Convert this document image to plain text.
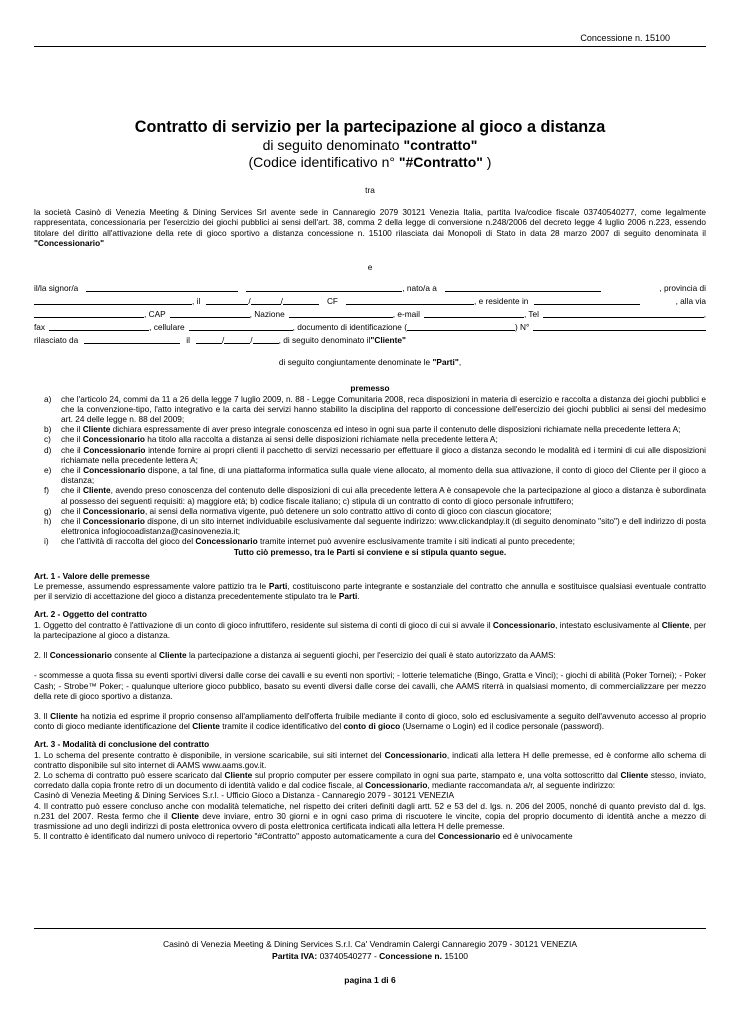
Concessione n. 15100

Contratto di servizio per la partecipazione al gioco a distanza

di seguito denominato "contratto"

(Codice identificativo n° "#Contratto" )

tra

la società Casinò di Venezia Meeting & Dining Services Srl avente sede in Cannaregio 2079 30121 Venezia Italia, partita Iva/codice fiscale 03740540277, come legalmente rappresentata, concessionaria per l'esercizio dei giochi pubblici ai sensi dell'art. 38, comma 2 della legge di conversione n.248/2006 del decreto legge 4 luglio 2006 n.223, essendo titolare del diritto all'attivazione della rete di gioco sportivo a distanza concessione n. 15100 rilasciata dai Monopoli di Stato in data 28 marzo 2007 di seguito denominata il "Concessionario"

e

il/la signor/a	, nato/a a	, provincia di
, il	/	/	CF	, e residente in	, alla via
, CAP	, Nazione	, e-mail	, Tel	,
fax	, cellulare	, documento di identificazione (	) N°
rilasciato da	il	/	/	, di seguito denominato il "Cliente"

di seguito congiuntamente denominate le "Parti",

premesso

a)	che l'articolo 24, commi da 11 a 26 della legge 7 luglio 2009, n. 88 - Legge Comunitaria 2008, reca disposizioni in materia di esercizio e raccolta a distanza dei giochi pubblici e che la convenzione-tipo, l'atto integrativo e la carta dei servizi hanno stabilito la disciplina del rapporto di concessione dell'esercizio dei giochi pubblici ai sensi del medesimo art. 24 delle legge n. 88 del 2009;
b)	che il Cliente dichiara espressamente di aver preso integrale conoscenza ed inteso in ogni sua parte il contenuto delle disposizioni richiamate nella precedente lettera A;
c)	che il Concessionario ha titolo alla raccolta a distanza ai sensi delle disposizioni richiamate nella precedente lettera A;
d)	che il Concessionario intende fornire ai propri clienti il pacchetto di servizi necessario per effettuare il gioco a distanza secondo le modalità ed i termini di cui alle disposizioni richiamate nella precedente lettera A;
e)	che il Concessionario dispone, a tal fine, di una piattaforma informatica sulla quale viene allocato, al momento della sua attivazione, il conto di gioco del Cliente per il gioco a distanza;
f)	che il Cliente, avendo preso conoscenza del contenuto delle disposizioni di cui alla precedente lettera A è consapevole che la partecipazione al gioco a distanza è subordinata al possesso dei seguenti requisiti: a) maggiore età; b) codice fiscale italiano; c) stipula di un contratto di conto di gioco personale infruttifero;
g)	che il Concessionario, ai sensi della normativa vigente, può detenere un solo contratto attivo di conto di gioco con ciascun giocatore;
h)	che il Concessionario dispone, di un sito internet individuabile esclusivamente dal seguente indirizzo: www.clickandplay.it (di seguito denominato "sito") e dell indirizzo di posta elettronica infogiocoadistanza@casinovenezia.it;
i)	che l'attività di raccolta del gioco del Concessionario tramite internet può avvenire esclusivamente tramite i siti indicati al punto precedente;

Tutto ciò premesso, tra le Parti si conviene e si stipula quanto segue.

Art. 1 - Valore delle premesse

Le premesse, assumendo espressamente valore pattizio tra le Parti, costituiscono parte integrante e sostanziale del contratto che annulla e sostituisce qualsiasi eventuale contratto per il servizio di accettazione del gioco a distanza precedentemente stipulato tra le Parti.

Art. 2 - Oggetto del contratto

1. Oggetto del contratto è l'attivazione di un conto di gioco infruttifero, residente sul sistema di conti di gioco di cui si avvale il Concessionario, intestato esclusivamente al Cliente, per la partecipazione al gioco a distanza.

2. Il Concessionario consente al Cliente la partecipazione a distanza ai seguenti giochi, per l'esercizio dei quali è stato autorizzato da AAMS:

- scommesse a quota fissa su eventi sportivi diversi dalle corse dei cavalli e su eventi non sportivi; - lotterie telematiche (Bingo, Gratta e Vinci); - giochi di abilità (Poker Tornei); - Poker Cash; - Strobe™ Poker; - qualunque ulteriore gioco pubblico, basato su eventi diversi dalle corse dei cavalli, che AAMS riterrà in qualsiasi momento, di commercializzare per mezzo della rete di gioco sportivo a distanza.

3. Il Cliente ha notizia ed esprime il proprio consenso all'ampliamento dell'offerta fruibile mediante il conto di gioco, solo ed esclusivamente a seguito dell'avvenuto accesso al proprio conto di gioco mediante identificazione del Cliente tramite il codice identificativo del conto di gioco (Username o Login) ed il codice personale (password).

Art. 3 - Modalità di conclusione del contratto

1. Lo schema del presente contratto è disponibile, in versione scaricabile, sui siti internet del Concessionario, indicati alla lettera H delle premesse, ed è conforme allo schema di contratto disponibile sul sito internet di AAMS www.aams.gov.it.

2. Lo schema di contratto può essere scaricato dal Cliente sul proprio computer per essere compilato in ogni sua parte, stampato e, una volta sottoscritto dal Cliente stesso, inviato, corredato dalla copia fronte retro di un documento di identità valido e dal codice fiscale, al Concessionario, mediante raccomandata a/r, al seguente indirizzo:

Casinò di Venezia Meeting & Dining Services S.r.l. - Ufficio Gioco a Distanza - Cannaregio 2079 - 30121 VENEZIA

4. Il contratto può essere concluso anche con modalità telematiche, nel rispetto dei criteri definiti dagli artt. 52 e 53 del d. lgs. n. 206 del 2005, nonché di quanto previsto dal d. lgs. n.231 del 2007. Resta fermo che il Cliente deve inviare, entro 30 giorni e in ogni caso prima di riscuotere le vincite, copia del proprio documento di identità anche a mezzo di trasmissione ad uno degli indirizzi di posta elettronica ovvero di posta elettronica certificata indicati alla lettera H delle premesse.

5. Il contratto è identificato dal numero univoco di repertorio "#Contratto" apposto automaticamente a cura del Concessionario ed è univocamente

Casinò di Venezia Meeting & Dining Services S.r.l. Ca' Vendramin Calergi Cannaregio 2079 - 30121 VENEZIA
Partita IVA: 03740540277 - Concessione n. 15100
pagina 1 di 6
